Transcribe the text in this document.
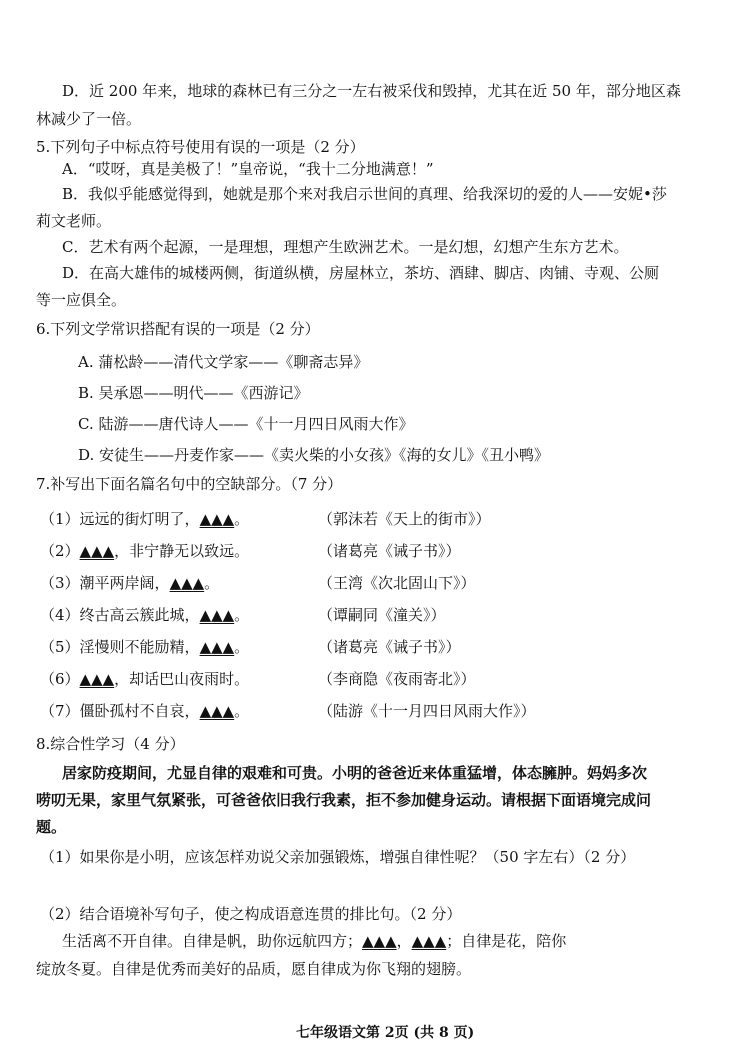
D．近 200 年来，地球的森林已有三分之一左右被采伐和毁掉，尤其在近 50 年，部分地区森
林减少了一倍。
5.下列句子中标点符号使用有误的一项是（2 分）
A．“哎呀，真是美极了！”皇帝说，“我十二分地满意！”
B．我似乎能感觉得到，她就是那个来对我启示世间的真理、给我深切的爱的人——安妮•莎
莉文老师。
C．艺术有两个起源，一是理想，理想产生欧洲艺术。一是幻想，幻想产生东方艺术。
D．在高大雄伟的城楼两侧，街道纵横，房屋林立，茶坊、酒肆、脚店、肉铺、寺观、公厕
等一应俱全。
6.下列文学常识搭配有误的一项是（2 分）
A. 蒲松龄——清代文学家——《聊斋志异》
B. 吴承恩——明代——《西游记》
C. 陆游——唐代诗人——《十一月四日风雨大作》
D. 安徒生——丹麦作家——《卖火柴的小女孩》《海的女儿》《丑小鸭》
7.补写出下面名篇名句中的空缺部分。（7 分）
（1）远远的街灯明了，▲▲▲。	（郭沫若《天上的街市》）
（2）▲▲▲，非宁静无以致远。	（诸葛亮《诫子书》）
（3）潮平两岸阔，▲▲▲。	（王湾《次北固山下》）
（4）终古高云簇此城，▲▲▲。	（谭嗣同《潼关》）
（5）淫慢则不能励精，▲▲▲。	（诸葛亮《诫子书》）
（6）▲▲▲，却话巴山夜雨时。	（李商隐《夜雨寄北》）
（7）僵卧孤村不自哀，▲▲▲。	（陆游《十一月四日风雨大作》）
8.综合性学习（4 分）
居家防疫期间，尤显自律的艰难和可贵。小明的爸爸近来体重猛增，体态臃肿。妈妈多次
唠叨无果，家里气氛紧张，可爸爸依旧我行我素，拒不参加健身运动。请根据下面语境完成问
题。
（1）如果你是小明，应该怎样劝说父亲加强锻炼，增强自律性呢？（50 字左右）（2 分）
（2）结合语境补写句子，使之构成语意连贯的排比句。（2 分）
生活离不开自律。自律是帆，助你远航四方；▲▲▲，▲▲▲；自律是花，陪你
绽放冬夏。自律是优秀而美好的品质，愿自律成为你飞翔的翅膀。
七年级语文第 2页 (共 8 页)
